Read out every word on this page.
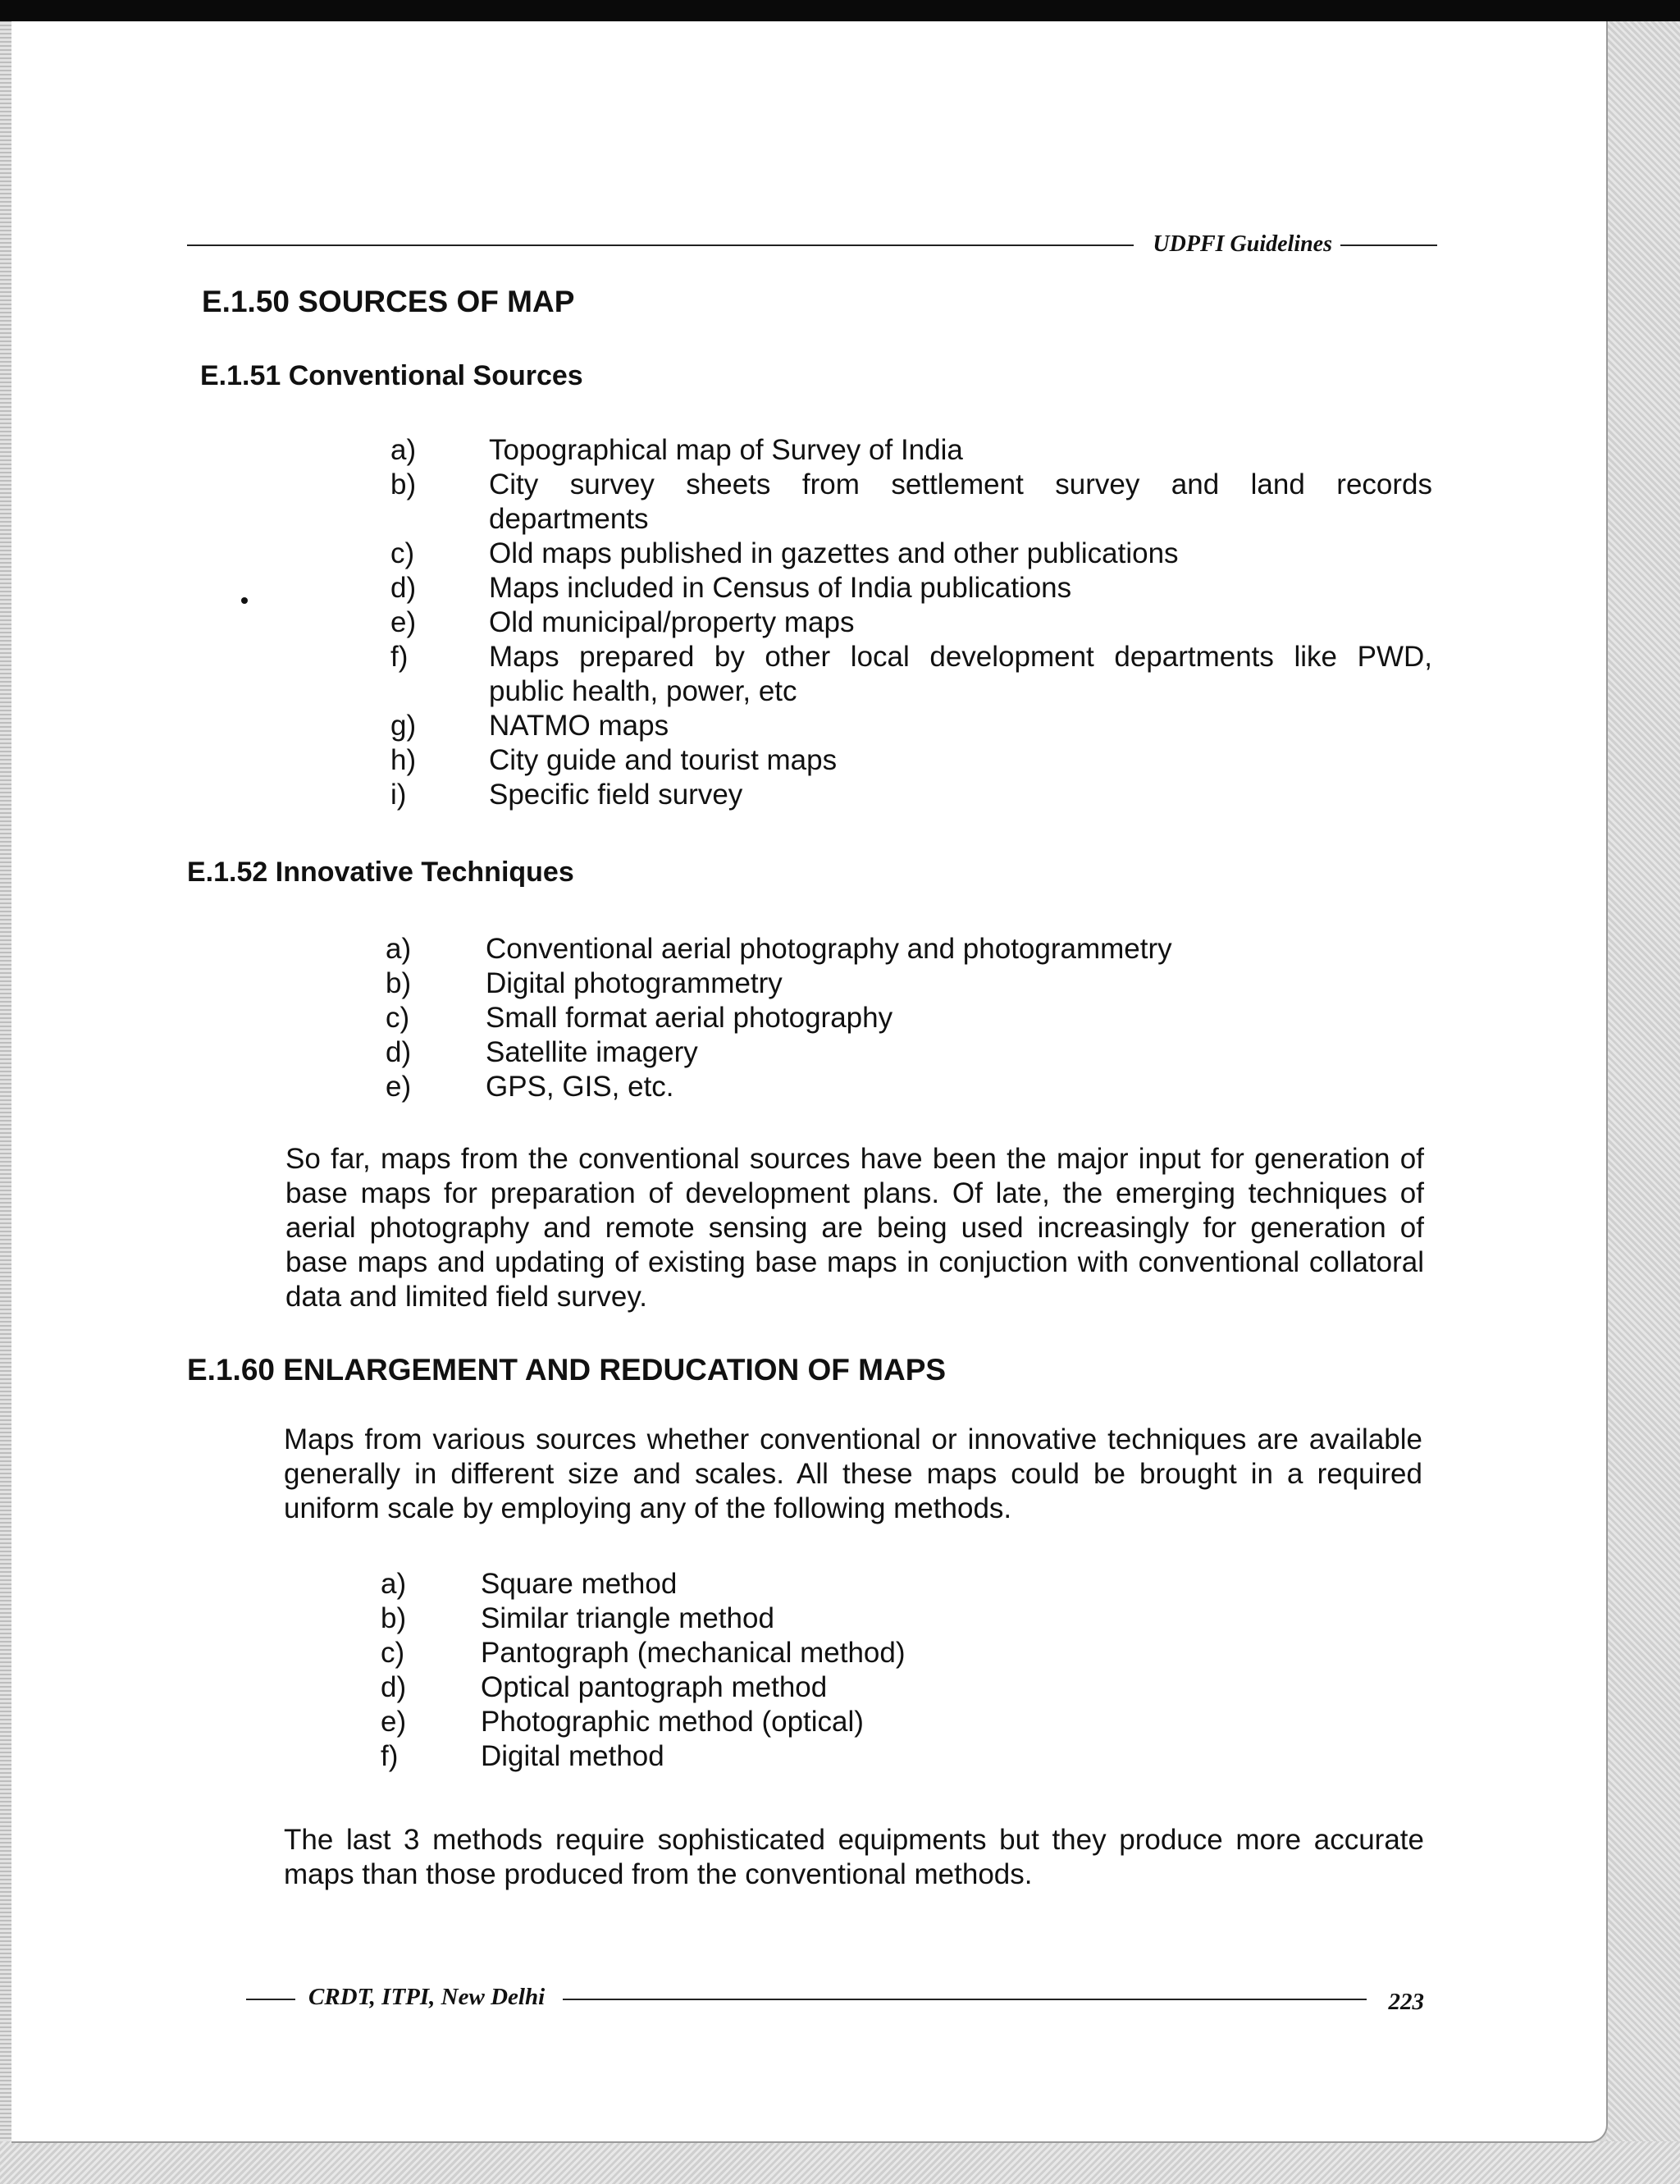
UDPFI Guidelines
E.1.50 SOURCES OF MAP
E.1.51 Conventional Sources
a)	Topographical map of Survey of India
b)	City survey sheets from settlement survey and land records
departments
c)	Old maps published in gazettes and other publications
d)	Maps included in Census of India publications
e)	Old municipal/property maps
f)	Maps prepared by other local development departments like PWD,
public health, power, etc
g)	NATMO maps
h)	City guide and tourist maps
i)	Specific field survey
E.1.52 Innovative Techniques
a)	Conventional aerial photography and photogrammetry
b)	Digital photogrammetry
c)	Small format aerial photography
d)	Satellite imagery
e)	GPS, GIS, etc.

So far, maps from the conventional sources have been the major input for generation of base maps for preparation of development plans. Of late, the emerging techniques of aerial photography and remote sensing are being used increasingly for generation of base maps and updating of existing base maps in conjuction with conventional collatoral data and limited field survey.

E.1.60 ENLARGEMENT AND REDUCATION OF MAPS

Maps from various sources whether conventional or innovative techniques are available generally in different size and scales. All these maps could be brought in a required uniform scale by employing any of the following methods.

a)	Square method
b)	Similar triangle method
c)	Pantograph (mechanical method)
d)	Optical pantograph method
e)	Photographic method (optical)
f)	Digital method

The last 3 methods require sophisticated equipments but they produce more accurate maps than those produced from the conventional methods.

CRDT, ITPI, New Delhi	223
